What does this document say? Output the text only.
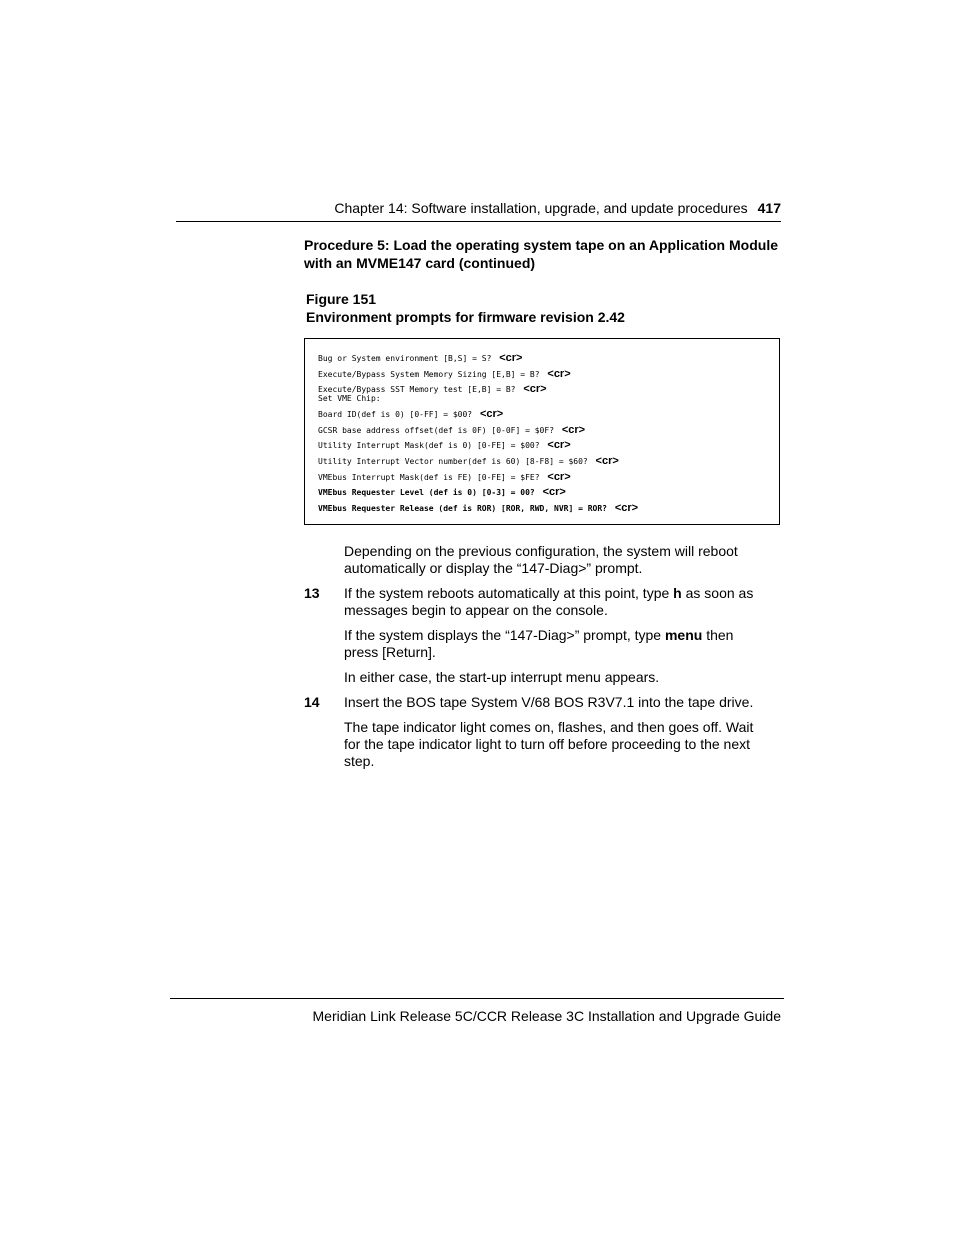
Chapter 14: Software installation, upgrade, and update procedures 417
Procedure 5: Load the operating system tape on an Application Module with an MVME147 card (continued)
Figure 151
Environment prompts for firmware revision 2.42
Bug or System environment [B,S] = S? <cr>
Execute/Bypass System Memory Sizing [E,B] = B? <cr>
Execute/Bypass SST Memory test [E,B] = B? <cr>
Set VME Chip:
Board ID(def is 0) [0-FF] = $00? <cr>
GCSR base address offset(def is 0F) [0-0F] = $0F? <cr>
Utility Interrupt Mask(def is 0) [0-FE] = $00? <cr>
Utility Interrupt Vector number(def is 60) [8-F8] = $60? <cr>
VMEbus Interrupt Mask(def is FE) [0-FE] = $FE? <cr>
VMEbus Requester Level (def is 0) [0-3] = 00? <cr>
VMEbus Requester Release (def is ROR) [ROR, RWD, NVR] = ROR? <cr>
Depending on the previous configuration, the system will reboot automatically or display the “147-Diag>” prompt.
13 If the system reboots automatically at this point, type h as soon as messages begin to appear on the console.
If the system displays the “147-Diag>” prompt, type menu then press [Return].
In either case, the start-up interrupt menu appears.
14 Insert the BOS tape System V/68 BOS R3V7.1 into the tape drive.
The tape indicator light comes on, flashes, and then goes off. Wait for the tape indicator light to turn off before proceeding to the next step.
Meridian Link Release 5C/CCR Release 3C Installation and Upgrade Guide
